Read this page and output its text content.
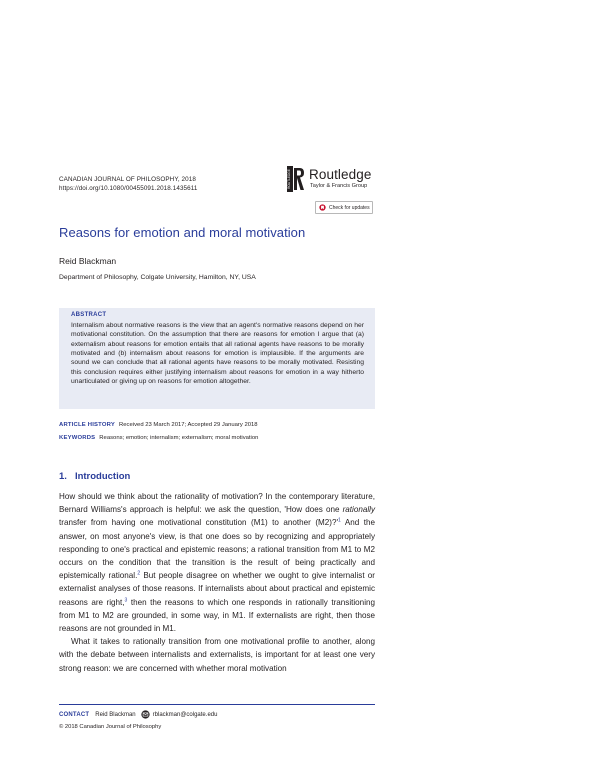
CANADIAN JOURNAL OF PHILOSOPHY, 2018
https://doi.org/10.1080/00455091.2018.1435611	ROUTLEDGE Routledge
Taylor & Francis Group
Check for updates
Reasons for emotion and moral motivation
Reid Blackman
Department of Philosophy, Colgate University, Hamilton, NY, USA
ABSTRACT
Internalism about normative reasons is the view that an agent's normative reasons depend on her motivational constitution. On the assumption that there are reasons for emotion I argue that (a) externalism about reasons for emotion entails that all rational agents have reasons to be morally motivated and (b) internalism about reasons for emotion is implausible. If the arguments are sound we can conclude that all rational agents have reasons to be morally motivated. Resisting this conclusion requires either justifying internalism about reasons for emotion in a way hitherto unarticulated or giving up on reasons for emotion altogether.
ARTICLE HISTORY Received 23 March 2017; Accepted 29 January 2018
KEYWORDS Reasons; emotion; internalism; externalism; moral motivation
1. Introduction

How should we think about the rationality of motivation? In the contemporary literature, Bernard Williams's approach is helpful: we ask the question, 'How does one rationally transfer from having one motivational constitution (M1) to another $(M2)?'^1$ And the answer, on most anyone's view, is that one does so by recognizing and appropriately responding to one's practical and epistemic reasons; a rational transition from M1 to M2 occurs on the condition that the transition is the result of being practically and epistemically rational.$^2$ But people disagree on whether we ought to give internalist or externalist analyses of those reasons. If internalists about about practical and epistemic reasons are right,$^3$ then the reasons to which one responds in rationally transitioning from M1 to M2 are grounded, in some way, in M1. If externalists are right, then those reasons are not grounded in M1.

What it takes to rationally transition from one motivational profile to another, along with the debate between internalists and externalists, is important for at least one very strong reason: we are concerned with whether moral motivation

CONTACT Reid Blackman	rblackman@colgate.edu
© 2018 Canadian Journal of Philosophy
